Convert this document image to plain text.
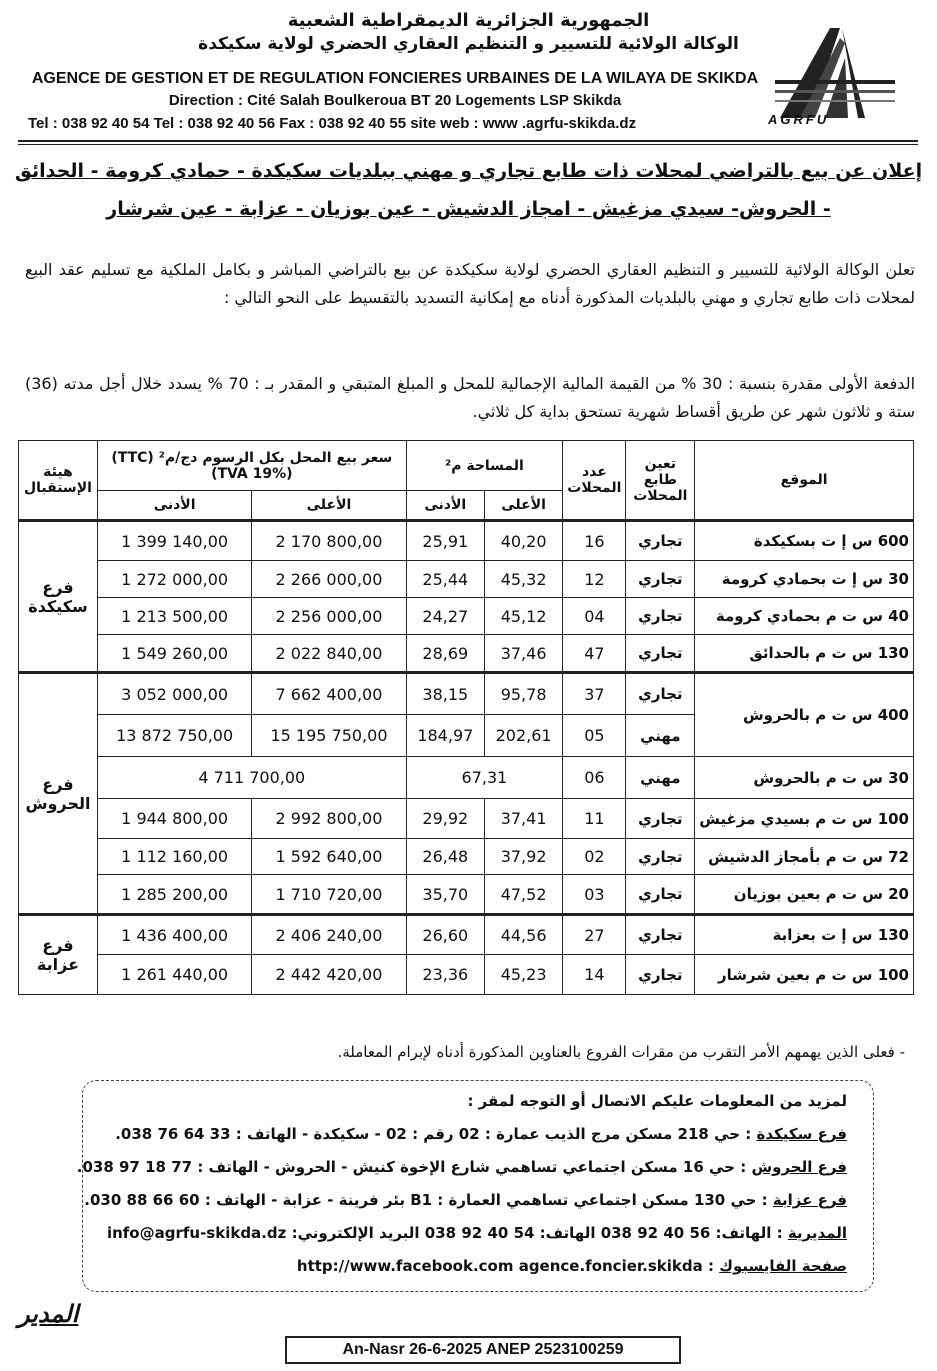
الجمهورية الجزائرية الديمقراطية الشعبية
الوكالة الولائية للتسيير و التنظيم العقاري الحضري لولاية سكيكدة
AGENCE DE GESTION ET DE REGULATION FONCIERES URBAINES DE LA WILAYA DE SKIKDA
Direction : Cité Salah Boulkeroua BT 20 Logements LSP Skikda
Tel : 038 92 40 54 Tel : 038 92 40 56 Fax : 038 92 40 55 site web : www .agrfu-skikda.dz	AGRFU
إعلان عن بيع بالتراضي لمحلات ذات طابع تجاري و مهني ببلديات سكيكدة - حمادي كرومة - الحدائق
- الحروش- سيدي مزغيش - امجاز الدشيش - عين بوزيان - عزابة - عين شرشار
تعلن الوكالة الولائية للتسيير و التنظيم العقاري الحضري لولاية سكيكدة عن بيع بالتراضي المباشر و بكامل الملكية مع تسليم عقد البيع لمحلات ذات طابع تجاري و مهني بالبلديات المذكورة أدناه مع إمكانية التسديد بالتقسيط على النحو التالي :
الدفعة الأولى مقدرة بنسبة : 30 % من القيمة المالية الإجمالية للمحل و المبلغ المتبقي و المقدر بـ : 70 % يسدد خلال أجل مدته (36) ستة و ثلاثون شهر عن طريق أقساط شهرية تستحق بداية كل ثلاثي.
الموقع	تعين طابع المحلات	عدد المحلات	المساحة م²		سعر بيع المحل بكل الرسوم دج/م² (TTC) (TVA 19%)		هيئة الإستقبال
			الأعلى	الأدنى	الأعلى	الأدنى	
600 س إ ت بسكيكدة	تجاري	16	40,20	25,91	2 170 800,00	1 399 140,00	فرع سكيكدة
30 س إ ت بحمادي كرومة	تجاري	12	45,32	25,44	2 266 000,00	1 272 000,00	
40 س ت م بحمادي كرومة	تجاري	04	45,12	24,27	2 256 000,00	1 213 500,00	
130 س ت م بالحدائق	تجاري	47	37,46	28,69	2 022 840,00	1 549 260,00	
400 س ت م بالحروش	تجاري	37	95,78	38,15	7 662 400,00	3 052 000,00	فرع الحروش
	مهني	05	202,61	184,97	15 195 750,00	13 872 750,00	
30 س ت م بالحروش	مهني	06	67,31		4 711 700,00		
100 س ت م بسيدي مزغيش	تجاري	11	37,41	29,92	2 992 800,00	1 944 800,00	
72 س ت م بأمجاز الدشيش	تجاري	02	37,92	26,48	1 592 640,00	1 112 160,00	
20 س ت م بعين بوزيان	تجاري	03	47,52	35,70	1 710 720,00	1 285 200,00	
130 س إ ت بعزابة	تجاري	27	44,56	26,60	2 406 240,00	1 436 400,00	فرع عزابة
100 س ت م بعين شرشار	تجاري	14	45,23	23,36	2 442 420,00	1 261 440,00	
- فعلى الذين يهمهم الأمر التقرب من مقرات الفروع بالعناوين المذكورة أدناه لإبرام المعاملة.
لمزيد من المعلومات عليكم الاتصال أو التوجه لمقر :
فرع سكيكدة : حي 218 مسكن مرج الذيب عمارة : 02 رقم : 02 - سكيكدة - الهاتف : 33 64 76 038.
فرع الحروش : حي 16 مسكن اجتماعي تساهمي شارع الإخوة كنيش - الحروش - الهاتف : 77 18 97 038.
فرع عزابة : حي 130 مسكن اجتماعي تساهمي العمارة : B1 بئر فرينة - عزابة - الهاتف : 60 66 88 030.
المديرية : الهاتف: 56 40 92 038 الهاتف: 54 40 92 038 البريد الإلكتروني: info@agrfu-skikda.dz
صفحة الفايسبوك : http://www.facebook.com agence.foncier.skikda
المدير
An-Nasr 26-6-2025 ANEP 2523100259
